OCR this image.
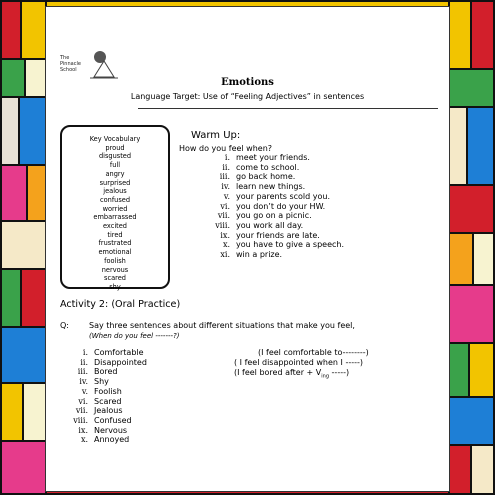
The
Pinnacle
School
Emotions
Language Target: Use of “Feeling Adjectives” in sentences
Key Vocabulary
proud
disgusted
full
angry
surprised
jealous
confused
worried
embarrassed
excited
tired
frustrated
emotional
foolish
nervous
scared
shy
Warm Up:
How do you feel when?
i. meet your friends.
ii. come to school.
iii. go back home.
iv. learn new things.
v. your parents scold you.
vi. you don’t do your HW.
vii. you go on a picnic.
viii. you work all day.
ix. your friends are late.
x. you have to give a speech.
xi. win a prize.
Activity 2: (Oral Practice)
Q:	Say three sentences about different situations that make you feel,
(When do you feel -------?)
i. Comfortable
ii. Disappointed
iii. Bored
iv. Shy
v. Foolish
vi. Scared
vii. Jealous
viii. Confused
ix. Nervous
x. Annoyed
(I feel comfortable to--------)
( I feel disappointed when I -----)
(I feel bored after + $V_{ing}$ -----)
